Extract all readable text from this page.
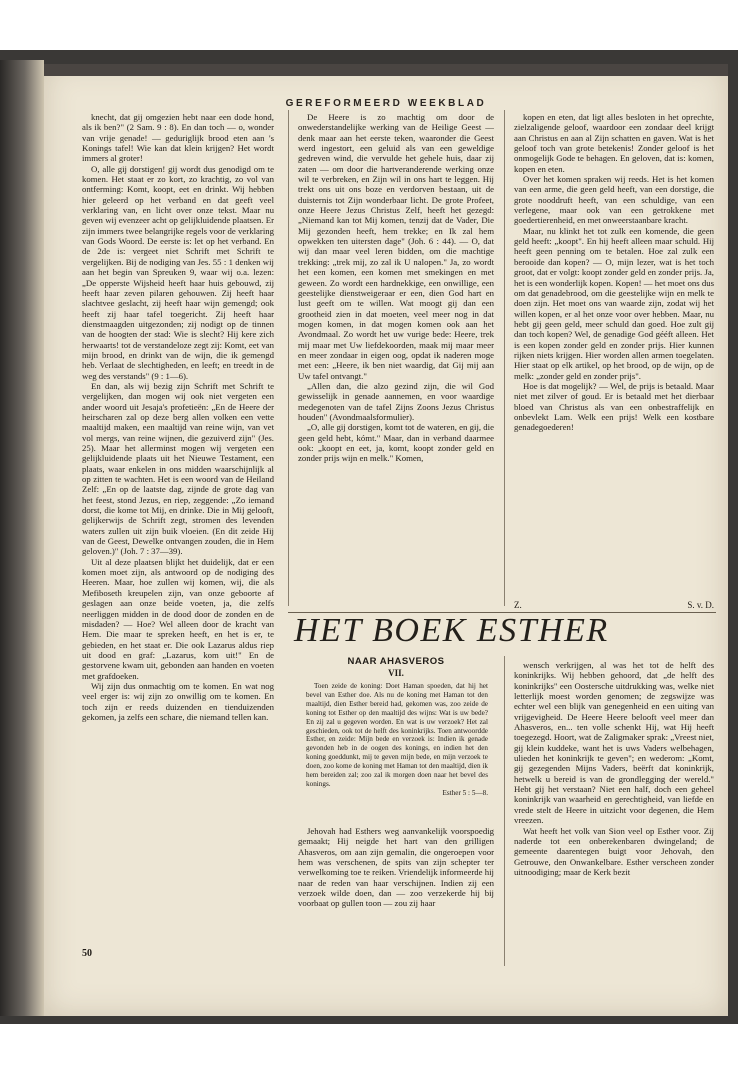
GEREFORMEERD WEEKBLAD

knecht, dat gij omgezien hebt naar een dode hond, als ik ben?" (2 Sam. 9 : 8). En dan toch — o, wonder van vrije genade! — geduriglijk brood eten aan 's Konings tafel! Wie kan dat klein krijgen? Het wordt immers al groter!

O, alle gij dorstigen! gij wordt dus genodigd om te komen. Het staat er zo kort, zo krachtig, zo vol van ontferming: Komt, koopt, eet en drinkt. Wij hebben hier geleerd op het verband en dat geeft veel verklaring van, en licht over onze tekst. Maar nu geven wij evenzeer acht op gelijkluidende plaatsen. Er zijn immers twee belangrijke regels voor de verklaring van Gods Woord. De eerste is: let op het verband. En de 2de is: vergeet niet Schrift met Schrift te vergelijken. Bij de nodiging van Jes. 55 : 1 denken wij aan het begin van Spreuken 9, waar wij o.a. lezen: „De opperste Wijsheid heeft haar huis gebouwd, zij heeft haar zeven pilaren gehouwen. Zij heeft haar slachtvee geslacht, zij heeft haar wijn gemengd; ook heeft zij haar tafel toegericht. Zij heeft haar dienstmaagden uitgezonden; zij nodigt op de tinnen van de hoogten der stad: Wie is slecht? Hij kere zich herwaarts! tot de verstandeloze zegt zij: Komt, eet van mijn brood, en drinkt van de wijn, die ik gemengd heb. Verlaat de slechtigheden, en leeft; en treedt in de weg des verstands" (9 : 1—6).

En dan, als wij bezig zijn Schrift met Schrift te vergelijken, dan mogen wij ook niet vergeten een ander woord uit Jesaja's profetieën: „En de Heere der heirscharen zal op deze berg allen volken een vette maaltijd maken, een maaltijd van reine wijn, van vet vol mergs, van reine wijnen, die gezuiverd zijn" (Jes. 25). Maar het allerminst mogen wij vergeten een gelijkluidende plaats uit het Nieuwe Testament, een plaats, waar enkelen in ons midden waarschijnlijk al op zitten te wachten. Het is een woord van de Heiland Zelf: „En op de laatste dag, zijnde de grote dag van het feest, stond Jezus, en riep, zeggende: „Zo iemand dorst, die kome tot Mij, en drinke. Die in Mij gelooft, gelijkerwijs de Schrift zegt, stromen des levenden waters zullen uit zijn buik vloeien. (En dit zeide Hij van de Geest, Dewelke ontvangen zouden, die in Hem geloven.)" (Joh. 7 : 37—39).

Uit al deze plaatsen blijkt het duidelijk, dat er een komen moet zijn, als antwoord op de nodiging des Heeren. Maar, hoe zullen wij komen, wij, die als Mefiboseth kreupelen zijn, van onze geboorte af geslagen aan onze beide voeten, ja, die zelfs neerliggen midden in de dood door de zonden en de misdaden? — Hoe? Wel alleen door de kracht van Hem. Die maar te spreken heeft, en het is er, te gebieden, en het staat er. Die ook Lazarus aldus riep uit dood en graf: „Lazarus, kom uit!" En de gestorvene kwam uit, gebonden aan handen en voeten met grafdoeken.

Wij zijn dus onmachtig om te komen. En wat nog veel erger is: wij zijn zo onwillig om te komen. En toch zijn er reeds duizenden en tienduizenden gekomen, ja zelfs een schare, die niemand tellen kan.

De Heere is zo machtig om door de onwederstandelijke werking van de Heilige Geest — denk maar aan het eerste teken, waaronder die Geest werd ingestort, een geluid als van een geweldige gedreven wind, die vervulde het gehele huis, daar zij zaten — om door die hartveranderende werking onze wil te verbreken, en Zijn wil in ons hart te leggen. Hij trekt ons uit ons boze en verdorven bestaan, uit de duisternis tot Zijn wonderbaar licht. De grote Profeet, onze Heere Jezus Christus Zelf, heeft het gezegd: „Niemand kan tot Mij komen, tenzij dat de Vader, Die Mij gezonden heeft, hem trekke; en Ik zal hem opwekken ten uitersten dage" (Joh. 6 : 44). — O, dat wij dan maar veel leren bidden, om die machtige trekking: „trek mij, zo zal ik U nalopen." Ja, zo wordt het een komen, een komen met smekingen en met geween. Zo wordt een hardnekkige, een onwillige, een geestelijke dienstweigeraar er een, dien God hart en lust geeft om te willen. Wat moogt gij dan een grootheid zien in dat moeten, veel meer nog in dat mogen komen, in dat mogen komen ook aan het Avondmaal. Zo wordt het uw vurige bede: Heere, trek mij maar met Uw liefdekoorden, maak mij maar meer en meer zondaar in eigen oog, opdat ik naderen moge met een: „Heere, ik ben niet waardig, dat Gij mij aan Uw tafel ontvangt."

„Allen dan, die alzo gezind zijn, die wil God gewisselijk in genade aannemen, en voor waardige medegenoten van de tafel Zijns Zoons Jezus Christus houden" (Avondmaalsformulier).

„O, alle gij dorstigen, komt tot de wateren, en gij, die geen geld hebt, kómt." Maar, dan in verband daarmee ook: „koopt en eet, ja, komt, koopt zonder geld en zonder prijs wijn en melk." Komen,

kopen en eten, dat ligt alles besloten in het oprechte, zielzaligende geloof, waardoor een zondaar deel krijgt aan Christus en aan al Zijn schatten en gaven. Wat is het geloof toch van grote betekenis! Zonder geloof is het onmogelijk Gode te behagen. En geloven, dat is: komen, kopen en eten.

Over het komen spraken wij reeds. Het is het komen van een arme, die geen geld heeft, van een dorstige, die grote nooddruft heeft, van een schuldige, van een verlegene, maar ook van een getrokkene met goedertierenheid, en met onweerstaanbare kracht.

Maar, nu klinkt het tot zulk een komende, die geen geld heeft: „koopt". En hij heeft alleen maar schuld. Hij heeft geen penning om te betalen. Hoe zal zulk een berooide dan kopen? — O, mijn lezer, wat is het toch groot, dat er volgt: koopt zonder geld en zonder prijs. Ja, het is een wonderlijk kopen. Kopen! — het moet ons dus om dat genadebrood, om die geestelijke wijn en melk te doen zijn. Het moet ons van waarde zijn, zodat wij het willen kopen, er al het onze voor over hebben. Maar, nu hebt gij geen geld, meer schuld dan goed. Hoe zult gij dan toch kopen? Wel, de genadige God gééft alleen. Het is een kopen zonder geld en zonder prijs. Hier kunnen rijken niets krijgen. Hier worden allen armen toegelaten. Hier staat op elk artikel, op het brood, op de wijn, op de melk: „zonder geld en zonder prijs".

Hoe is dat mogelijk? — Wel, de prijs is betaald. Maar niet met zilver of goud. Er is betaald met het dierbaar bloed van Christus als van een onbestraffelijk en onbevlekt Lam. Welk een prijs! Welk een kostbare genadegoederen!

Z.	S. v. D.
HET BOEK ESTHER
NAAR AHASVEROS
VII.

Toen zeide de koning: Doet Haman spoeden, dat hij het bevel van Esther doe. Als nu de koning met Haman tot den maaltijd, dien Esther bereid had, gekomen was, zoo zeide de koning tot Esther op den maaltijd des wijns: Wat is uw bede? En zij zal u gegeven worden. En wat is uw verzoek? Het zal geschieden, ook tot de helft des koninkrijks. Toen antwoordde Esther, en zeide: Mijn bede en verzoek is: Indien ik genade gevonden heb in de oogen des konings, en indien het den koning goeddunkt, mij te geven mijn bede, en mijn verzoek te doen, zoo kome de koning met Haman tot den maaltijd, dien ik hem bereiden zal; zoo zal ik morgen doen naar het bevel des konings.

Esther 5 : 5—8.

Jehovah had Esthers weg aanvankelijk voorspoedig gemaakt; Hij neigde het hart van den grilligen Ahasveros, om aan zijn gemalin, die ongeroepen voor hem was verschenen, de spits van zijn schepter ter verwelkoming toe te reiken. Vriendelijk informeerde hij naar de reden van haar verschijnen. Indien zij een verzoek wilde doen, dan — zoo verzekerde hij bij voorbaat op gullen toon — zou zij haar

wensch verkrijgen, al was het tot de helft des koninkrijks. Wij hebben gehoord, dat „de helft des koninkrijks" een Oostersche uitdrukking was, welke niet letterlijk moest worden genomen; de zegswijze was echter wel een blijk van genegenheid en een uiting van vrijgevigheid. De Heere Heere belooft veel meer dan Ahasveros, en... ten volle schenkt Hij, wat Hij heeft toegezegd. Hoort, wat de Zaligmaker sprak: „Vreest niet, gij klein kuddeke, want het is uws Vaders welbehagen, ulieden het koninkrijk te geven"; en wederom: „Komt, gij gezegenden Mijns Vaders, beërft dat koninkrijk, hetwelk u bereid is van de grondlegging der wereld." Hebt gij het verstaan? Niet een half, doch een geheel koninkrijk van waarheid en gerechtigheid, van liefde en vrede stelt de Heere in uitzicht voor degenen, die Hem vreezen.

Wat heeft het volk van Sion veel op Esther voor. Zij naderde tot een onberekenbaren dwingeland; de gemeente daarentegen buigt voor Jehovah, den Getrouwe, den Onwankelbare. Esther verscheen zonder uitnoodiging; maar de Kerk bezit

50
